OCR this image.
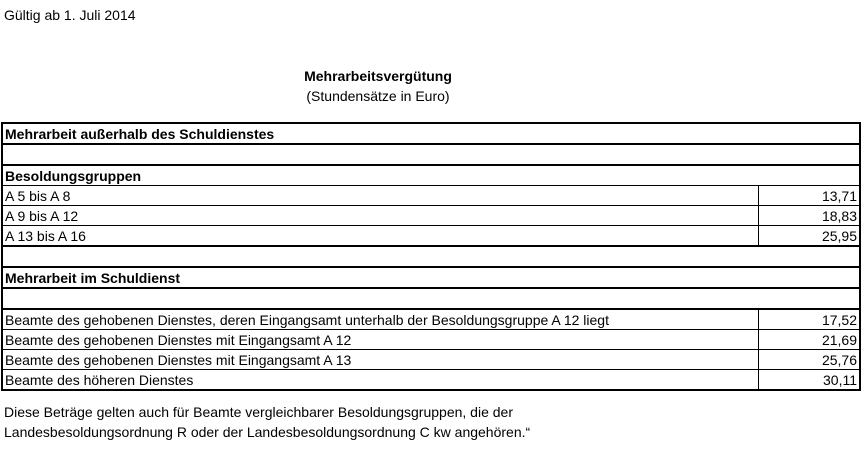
Gültig ab 1. Juli 2014
Mehrarbeitsvergütung
(Stundensätze in Euro)
Mehrarbeit außerhalb des Schuldienstes	

Besoldungsgruppen	
A 5 bis A 8	13,71
A 9 bis A 12	18,83
A 13 bis A 16	25,95

Mehrarbeit im Schuldienst	

Beamte des gehobenen Dienstes, deren Eingangsamt unterhalb der Besoldungsgruppe A 12 liegt	17,52
Beamte des gehobenen Dienstes mit Eingangsamt A 12	21,69
Beamte des gehobenen Dienstes mit Eingangsamt A 13	25,76
Beamte des höheren Dienstes	30,11
Diese Beträge gelten auch für Beamte vergleichbarer Besoldungsgruppen, die der
Landesbesoldungsordnung R oder der Landesbesoldungsordnung C kw angehören.“
